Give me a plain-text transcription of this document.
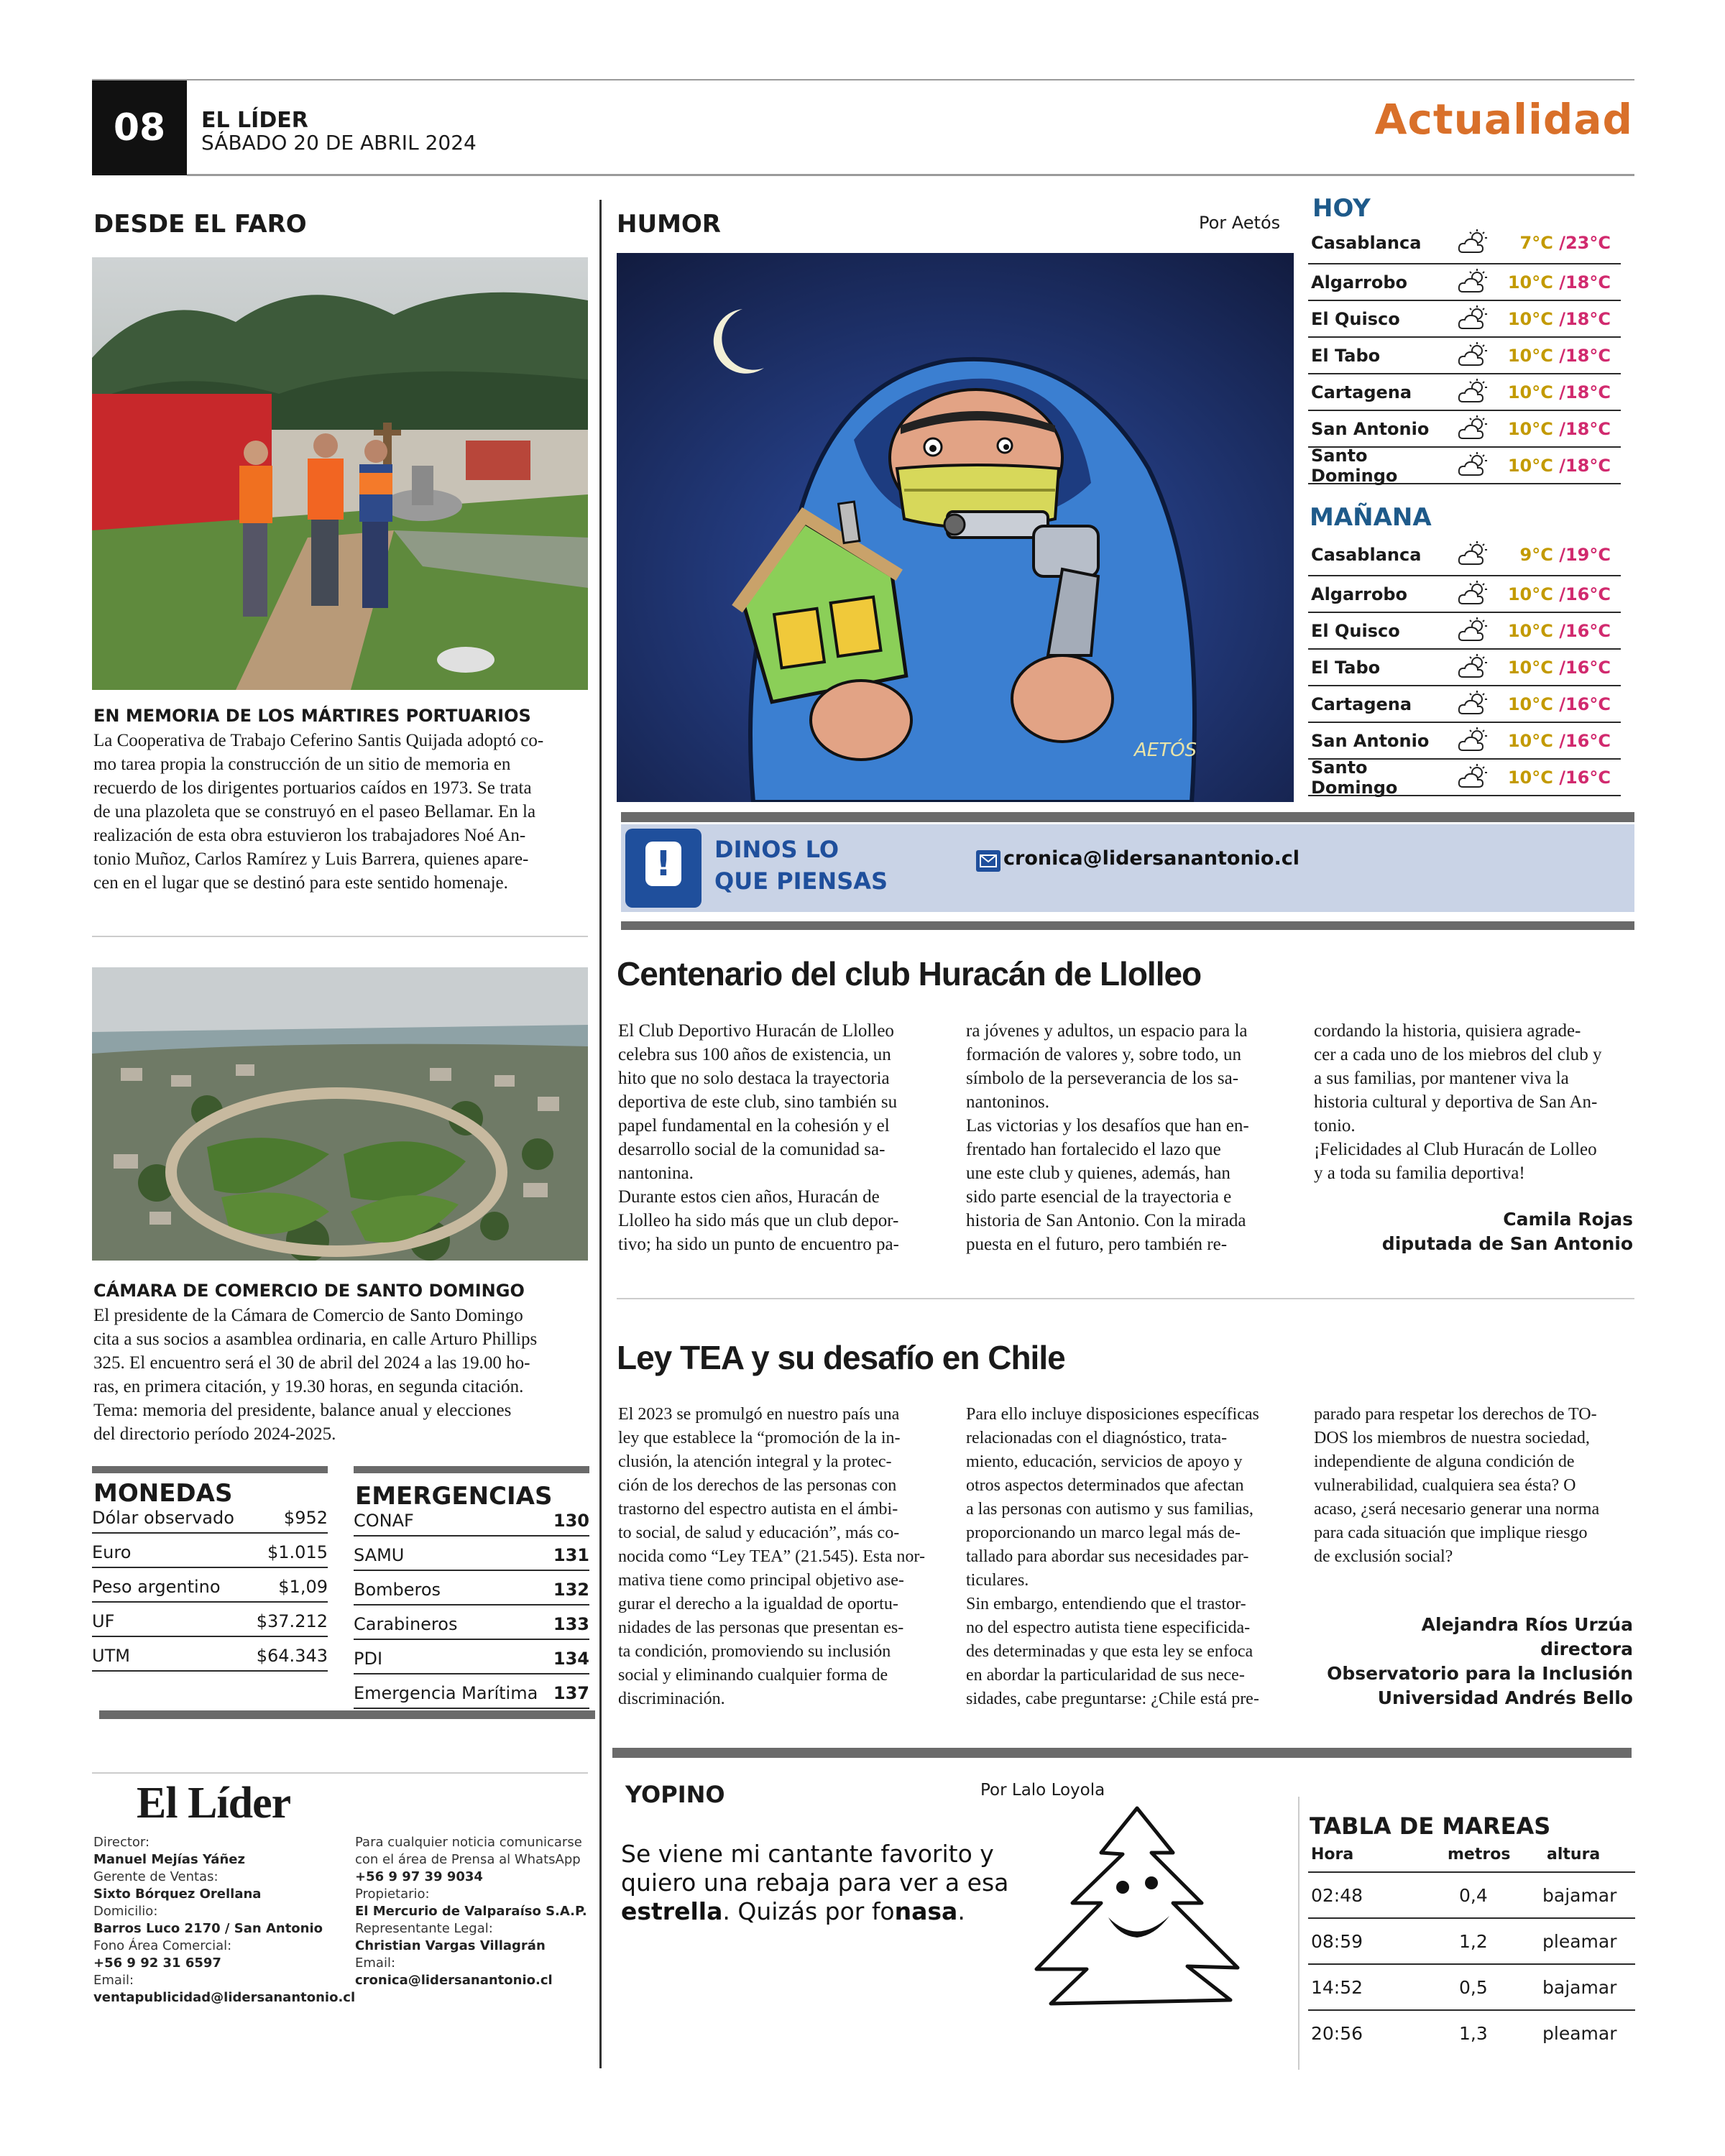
08	EL LÍDER
SÁBADO 20 DE ABRIL 2024	Actualidad
DESDE EL FARO
EN MEMORIA DE LOS MÁRTIRES PORTUARIOS

La Cooperativa de Trabajo Ceferino Santis Quijada adoptó co-

mo tarea propia la construcción de un sitio de memoria en

recuerdo de los dirigentes portuarios caídos en 1973. Se trata

de una plazoleta que se construyó en el paseo Bellamar. En la

realización de esta obra estuvieron los trabajadores Noé An-

tonio Muñoz, Carlos Ramírez y Luis Barrera, quienes apare-

cen en el lugar que se destinó para este sentido homenaje.

CÁMARA DE COMERCIO DE SANTO DOMINGO

El presidente de la Cámara de Comercio de Santo Domingo

cita a sus socios a asamblea ordinaria, en calle Arturo Phillips

325. El encuentro será el 30 de abril del 2024 a las 19.00 ho-

ras, en primera citación, y 19.30 horas, en segunda citación.

Tema: memoria del presidente, balance anual y elecciones

del directorio período 2024-2025.

MONEDAS
Dólar observado	$952
Euro	$1.015
Peso argentino	$1,09
UF	$37.212
UTM	$64.343
EMERGENCIAS
CONAF	130
SAMU	131
Bomberos	132
Carabineros	133
PDI	134
Emergencia Marítima 137
El Líder
Director:
Manuel Mejías Yáñez
Gerente de Ventas:
Sixto Bórquez Orellana
Domicilio:
Barros Luco 2170 / San Antonio
Fono Área Comercial:
+56 9 92 31 6597
Email:
ventapublicidad@lidersanantonio.cl
Para cualquier noticia comunicarse
con el área de Prensa al WhatsApp
+56 9 97 39 9034
Propietario:
El Mercurio de Valparaíso S.A.P.
Representante Legal:
Christian Vargas Villagrán
Email:
cronica@lidersanantonio.cl
HUMOR	Por Aetós
AETÓS
HOY
Casablanca	7°C /23°C
Algarrobo	10°C /18°C
El Quisco	10°C /18°C
El Tabo	10°C /18°C
Cartagena	10°C /18°C
San Antonio	10°C /18°C
Santo Domingo	10°C /18°C
MAÑANA
Casablanca	9°C /19°C
Algarrobo	10°C /16°C
El Quisco	10°C /16°C
El Tabo	10°C /16°C
Cartagena	10°C /16°C
San Antonio	10°C /16°C
Santo Domingo	10°C /16°C
!	DINOS LO
QUE PIENSAS
cronica@lidersanantonio.cl
Centenario del club Huracán de Llolleo

El Club Deportivo Huracán de Llolleo

celebra sus 100 años de existencia, un

hito que no solo destaca la trayectoria

deportiva de este club, sino también su

papel fundamental en la cohesión y el

desarrollo social de la comunidad sa-

nantonina.

Durante estos cien años, Huracán de

Llolleo ha sido más que un club depor-

tivo; ha sido un punto de encuentro pa-

ra jóvenes y adultos, un espacio para la

formación de valores y, sobre todo, un

símbolo de la perseverancia de los sa-

nantoninos.

Las victorias y los desafíos que han en-

frentado han fortalecido el lazo que

une este club y quienes, además, han

sido parte esencial de la trayectoria e

historia de San Antonio. Con la mirada

puesta en el futuro, pero también re-

cordando la historia, quisiera agrade-

cer a cada uno de los miebros del club y

a sus familias, por mantener viva la

historia cultural y deportiva de San An-

tonio.

¡Felicidades al Club Huracán de Lolleo

y a toda su familia deportiva!

Camila Rojas
diputada de San Antonio
Ley TEA y su desafío en Chile

El 2023 se promulgó en nuestro país una

ley que establece la “promoción de la in-

clusión, la atención integral y la protec-

ción de los derechos de las personas con

trastorno del espectro autista en el ámbi-

to social, de salud y educación”, más co-

nocida como “Ley TEA” (21.545). Esta nor-

mativa tiene como principal objetivo ase-

gurar el derecho a la igualdad de oportu-

nidades de las personas que presentan es-

ta condición, promoviendo su inclusión

social y eliminando cualquier forma de

discriminación.

Para ello incluye disposiciones específicas

relacionadas con el diagnóstico, trata-

miento, educación, servicios de apoyo y

otros aspectos determinados que afectan

a las personas con autismo y sus familias,

proporcionando un marco legal más de-

tallado para abordar sus necesidades par-

ticulares.

Sin embargo, entendiendo que el trastor-

no del espectro autista tiene especificida-

des determinadas y que esta ley se enfoca

en abordar la particularidad de sus nece-

sidades, cabe preguntarse: ¿Chile está pre-

parado para respetar los derechos de TO-

DOS los miembros de nuestra sociedad,

independiente de alguna condición de

vulnerabilidad, cualquiera sea ésta? O

acaso, ¿será necesario generar una norma

para cada situación que implique riesgo

de exclusión social?

Alejandra Ríos Urzúa
directora
Observatorio para la Inclusión
Universidad Andrés Bello
YOPINO	Por Lalo Loyola
Se viene mi cantante favorito y
quiero una rebaja para ver a esa
estrella. Quizás por fonasa.
TABLA DE MAREAS
Hora	metros altura
02:48	0,4	bajamar
08:59	1,2	pleamar
14:52	0,5	bajamar
20:56	1,3	pleamar
